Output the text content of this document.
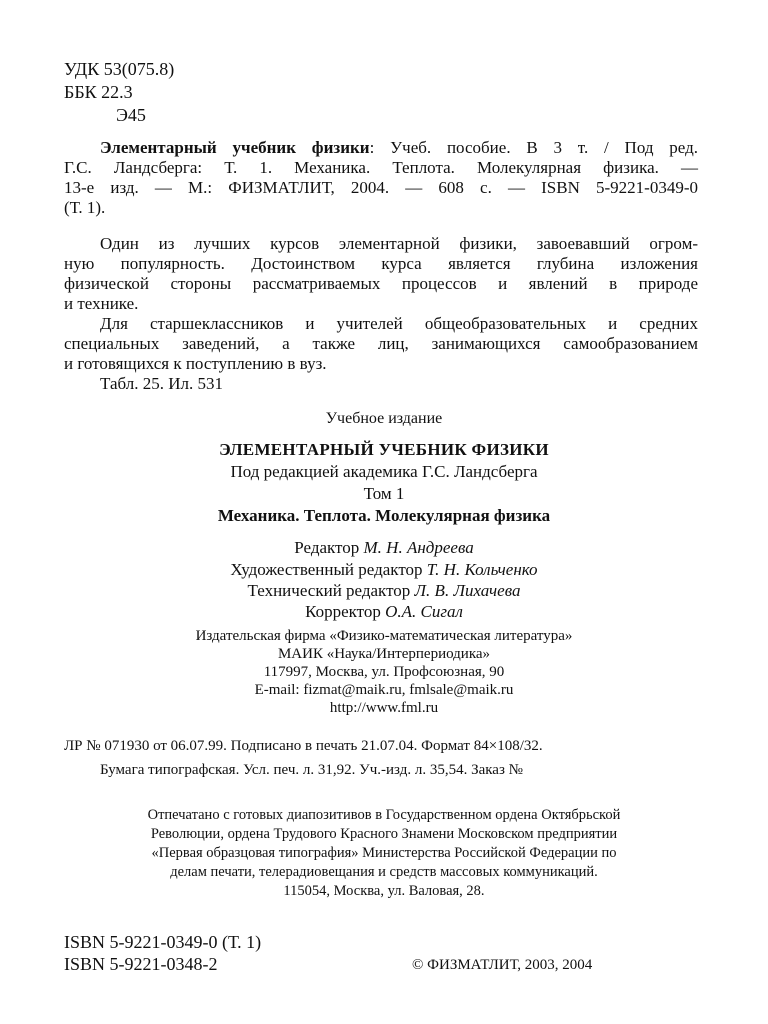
УДК 53(075.8)
ББК 22.3
Э45
Элементарный учебник физики: Учеб. пособие. В 3 т. / Под ред.
Г.С. Ландсберга: Т. 1. Механика. Теплота. Молекулярная физика. —
13-е изд. — М.: ФИЗМАТЛИТ, 2004. — 608 с. — ISBN 5-9221-0349-0
(Т. 1).
Один из лучших курсов элементарной физики, завоевавший огром-
ную популярность. Достоинством курса является глубина изложения
физической стороны рассматриваемых процессов и явлений в природе
и технике.
Для старшеклассников и учителей общеобразовательных и средних
специальных заведений, а также лиц, занимающихся самообразованием
и готовящихся к поступлению в вуз.
Табл. 25. Ил. 531
Учебное издание
ЭЛЕМЕНТАРНЫЙ УЧЕБНИК ФИЗИКИ
Под редакцией академика Г.С. Ландсберга
Том 1
Механика. Теплота. Молекулярная физика
Редактор М. Н. Андреева
Художественный редактор Т. Н. Кольченко
Технический редактор Л. В. Лихачева
Корректор О.А. Сигал
Издательская фирма «Физико-математическая литература»
МАИК «Наука/Интерпериодика»
117997, Москва, ул. Профсоюзная, 90
E-mail: fizmat@maik.ru, fmlsale@maik.ru
http://www.fml.ru
ЛР № 071930 от 06.07.99. Подписано в печать 21.07.04. Формат 84×108/32.
Бумага типографская. Усл. печ. л. 31,92. Уч.-изд. л. 35,54. Заказ №
Отпечатано с готовых диапозитивов в Государственном ордена Октябрьской
Революции, ордена Трудового Красного Знамени Московском предприятии
«Первая образцовая типография» Министерства Российской Федерации по
делам печати, телерадиовещания и средств массовых коммуникаций.
115054, Москва, ул. Валовая, 28.
ISBN 5-9221-0349-0 (Т. 1)
ISBN 5-9221-0348-2	© ФИЗМАТЛИТ, 2003, 2004
